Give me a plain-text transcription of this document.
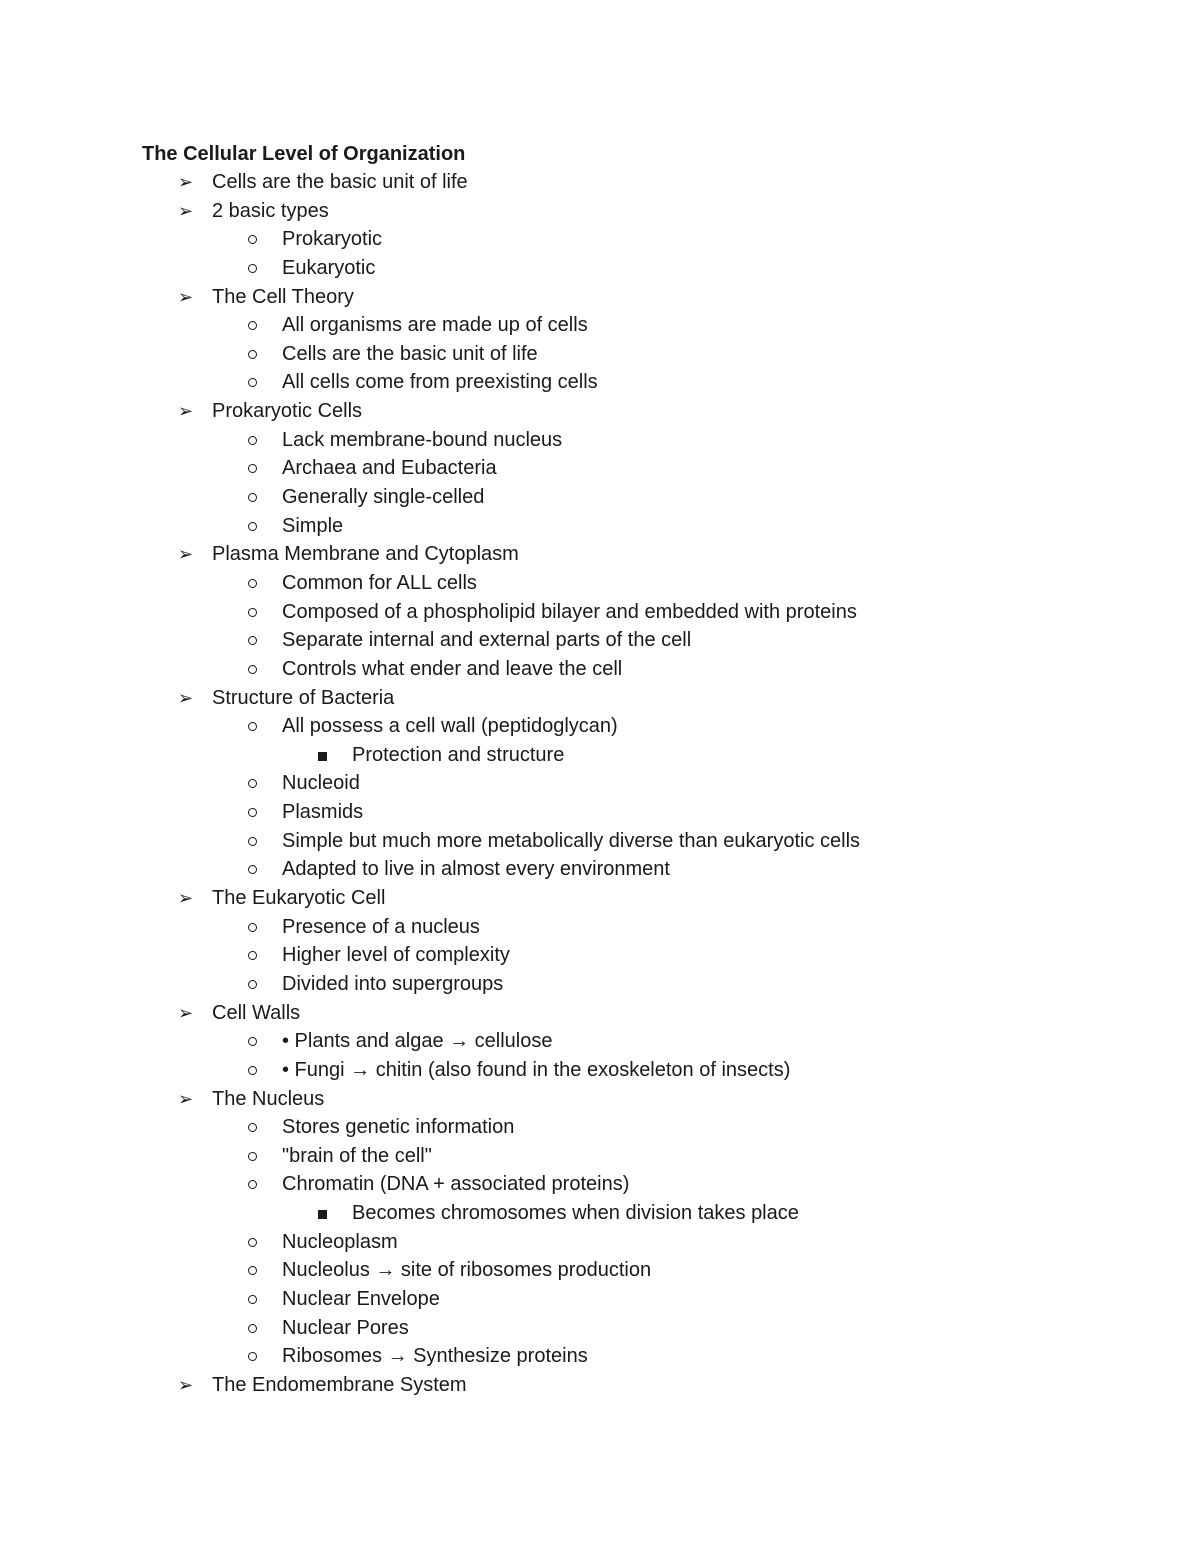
The Cellular Level of Organization
➢ Cells are the basic unit of life
➢ 2 basic types
Prokaryotic
Eukaryotic
➢ The Cell Theory
All organisms are made up of cells
Cells are the basic unit of life
All cells come from preexisting cells
➢ Prokaryotic Cells
Lack membrane-bound nucleus
Archaea and Eubacteria
Generally single-celled
Simple
➢ Plasma Membrane and Cytoplasm
Common for ALL cells
Composed of a phospholipid bilayer and embedded with proteins
Separate internal and external parts of the cell
Controls what ender and leave the cell
➢ Structure of Bacteria
All possess a cell wall (peptidoglycan)
Protection and structure
Nucleoid
Plasmids
Simple but much more metabolically diverse than eukaryotic cells
Adapted to live in almost every environment
➢ The Eukaryotic Cell
Presence of a nucleus
Higher level of complexity
Divided into supergroups
➢ Cell Walls
• Plants and algae → cellulose
• Fungi → chitin (also found in the exoskeleton of insects)
➢ The Nucleus
Stores genetic information
"brain of the cell"
Chromatin (DNA + associated proteins)
Becomes chromosomes when division takes place
Nucleoplasm
Nucleolus → site of ribosomes production
Nuclear Envelope
Nuclear Pores
Ribosomes → Synthesize proteins
➢ The Endomembrane System
